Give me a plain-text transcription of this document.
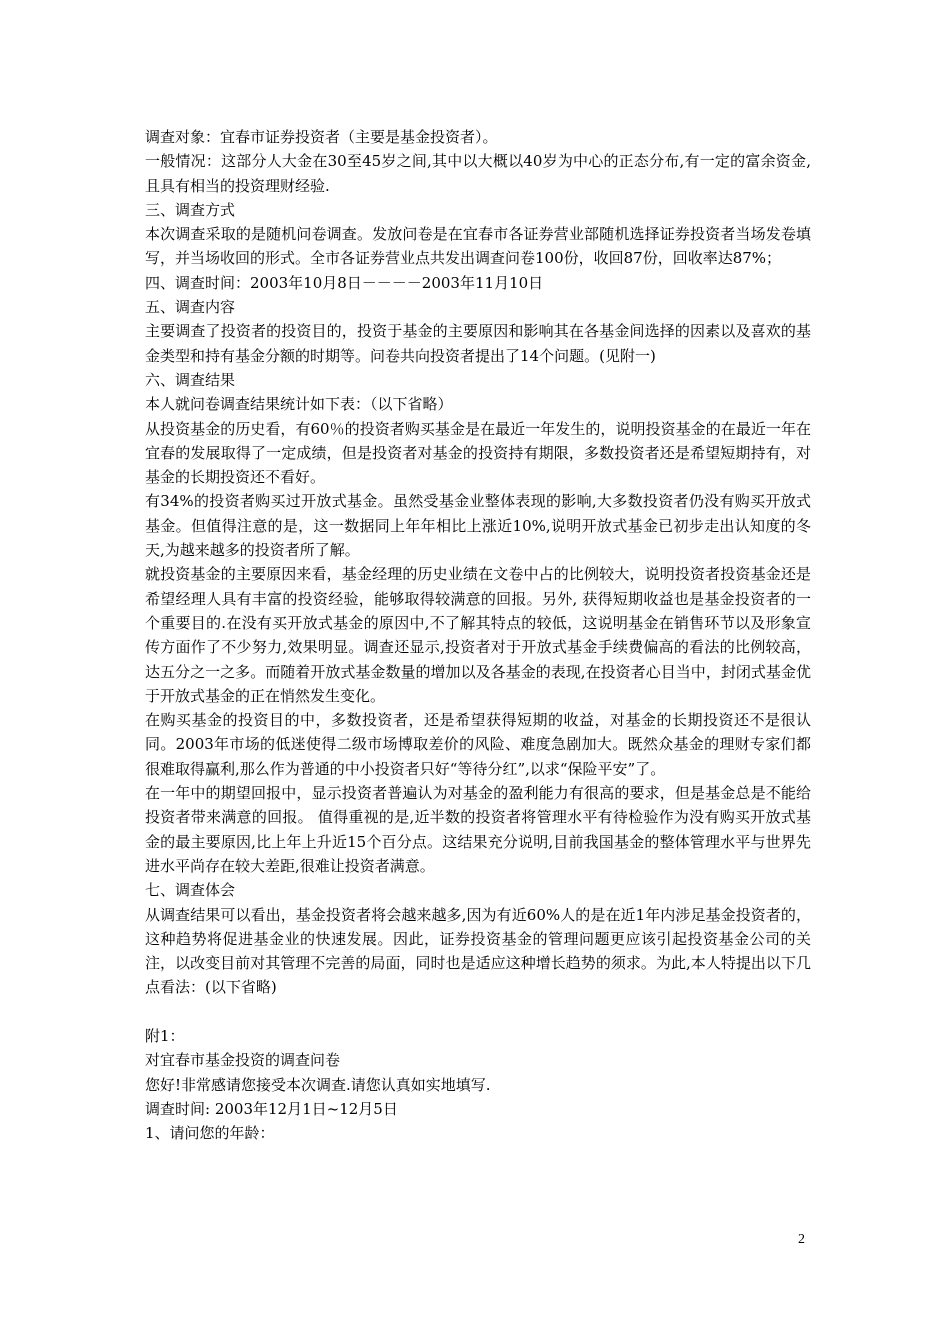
调查对象：宜春市证券投资者（主要是基金投资者）。

一般情况：这部分人大金在30至45岁之间,其中以大概以40岁为中心的正态分布,有一定的富余资金,且具有相当的投资理财经验.

三、调查方式

本次调查采取的是随机问卷调查。发放问卷是在宜春市各证券营业部随机选择证券投资者当场发卷填写，并当场收回的形式。全市各证券营业点共发出调查问卷100份，收回87份，回收率达87%；

四、调查时间：2003年10月8日－－－－2003年11月10日

五、调查内容

主要调查了投资者的投资目的，投资于基金的主要原因和影响其在各基金间选择的因素以及喜欢的基金类型和持有基金分额的时期等。问卷共向投资者提出了14个问题。(见附一)

六、调查结果

本人就问卷调查结果统计如下表：（以下省略）

从投资基金的历史看，有60％的投资者购买基金是在最近一年发生的，说明投资基金的在最近一年在宜春的发展取得了一定成绩，但是投资者对基金的投资持有期限，多数投资者还是希望短期持有，对基金的长期投资还不看好。

有34%的投资者购买过开放式基金。虽然受基金业整体表现的影响,大多数投资者仍没有购买开放式基金。但值得注意的是，这一数据同上年年相比上涨近10%,说明开放式基金已初步走出认知度的冬天,为越来越多的投资者所了解。

就投资基金的主要原因来看，基金经理的历史业绩在文卷中占的比例较大，说明投资者投资基金还是希望经理人具有丰富的投资经验，能够取得较满意的回报。另外, 获得短期收益也是基金投资者的一个重要目的.在没有买开放式基金的原因中,不了解其特点的较低，这说明基金在销售环节以及形象宣传方面作了不少努力,效果明显。调查还显示,投资者对于开放式基金手续费偏高的看法的比例较高，达五分之一之多。而随着开放式基金数量的增加以及各基金的表现,在投资者心目当中，封闭式基金优于开放式基金的正在悄然发生变化。

在购买基金的投资目的中，多数投资者，还是希望获得短期的收益，对基金的长期投资还不是很认同。2003年市场的低迷使得二级市场博取差价的风险、难度急剧加大。既然众基金的理财专家们都很难取得赢利,那么作为普通的中小投资者只好“等待分红”,以求“保险平安”了。

在一年中的期望回报中，显示投资者普遍认为对基金的盈利能力有很高的要求，但是基金总是不能给投资者带来满意的回报。 值得重视的是,近半数的投资者将管理水平有待检验作为没有购买开放式基金的最主要原因,比上年上升近15个百分点。这结果充分说明,目前我国基金的整体管理水平与世界先进水平尚存在较大差距,很难让投资者满意。

七、调查体会

从调查结果可以看出，基金投资者将会越来越多,因为有近60%人的是在近1年内涉足基金投资者的，这种趋势将促进基金业的快速发展。因此，证券投资基金的管理问题更应该引起投资基金公司的关注，以改变目前对其管理不完善的局面，同时也是适应这种增长趋势的须求。为此,本人特提出以下几点看法：(以下省略)

附1：

对宜春市基金投资的调查问卷

您好!非常感请您接受本次调查.请您认真如实地填写.

调查时间: 2003年12月1日~12月5日

1、请问您的年龄：

2
